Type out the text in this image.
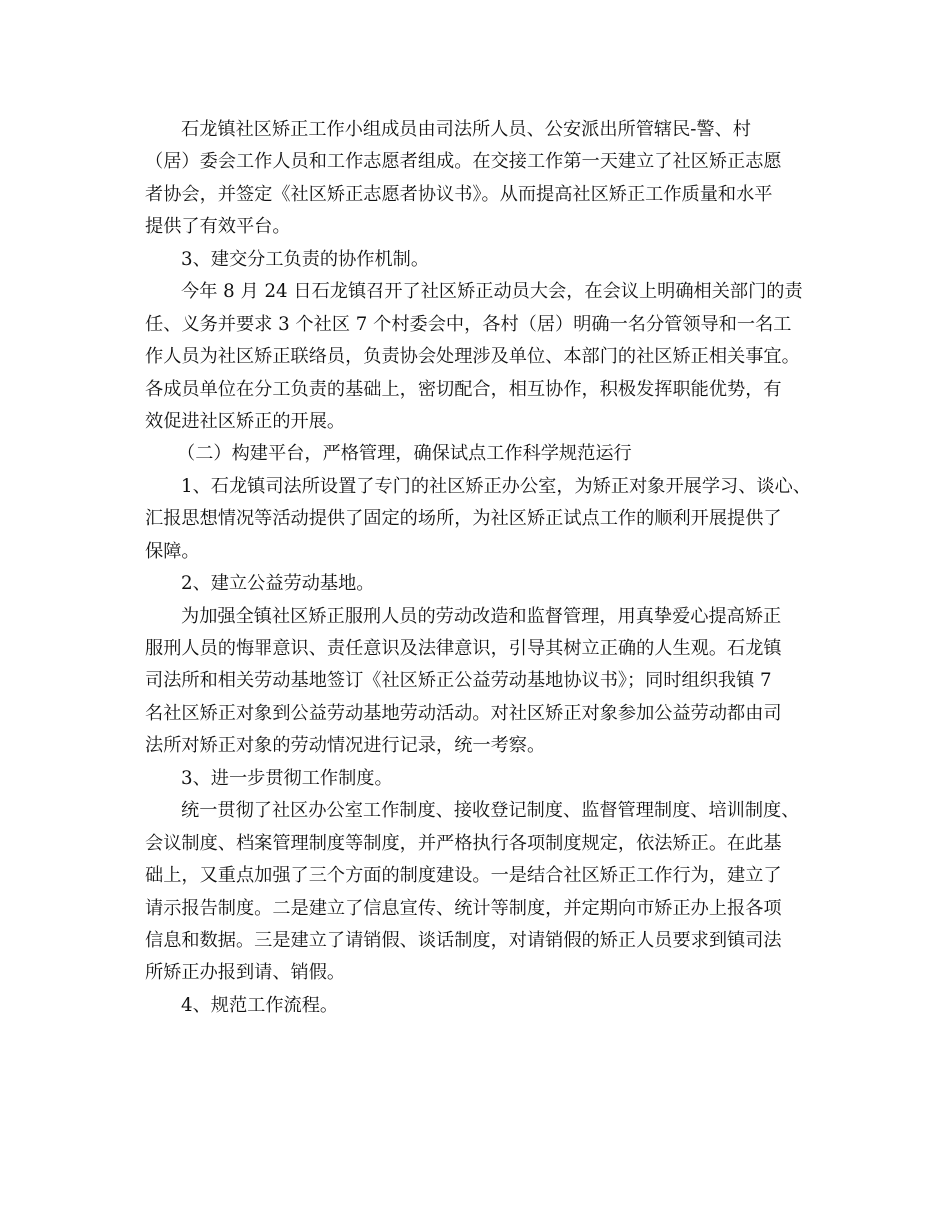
石龙镇社区矫正工作小组成员由司法所人员、公安派出所管辖民-警、村
（居）委会工作人员和工作志愿者组成。在交接工作第一天建立了社区矫正志愿
者协会，并签定《社区矫正志愿者协议书》。从而提高社区矫正工作质量和水平
提供了有效平台。
3、建交分工负责的协作机制。
今年 8 月 24 日石龙镇召开了社区矫正动员大会，在会议上明确相关部门的责
任、义务并要求 3 个社区 7 个村委会中，各村（居）明确一名分管领导和一名工
作人员为社区矫正联络员，负责协会处理涉及单位、本部门的社区矫正相关事宜。
各成员单位在分工负责的基础上，密切配合，相互协作，积极发挥职能优势，有
效促进社区矫正的开展。
（二）构建平台，严格管理，确保试点工作科学规范运行
1、石龙镇司法所设置了专门的社区矫正办公室，为矫正对象开展学习、谈心、
汇报思想情况等活动提供了固定的场所，为社区矫正试点工作的顺利开展提供了
保障。
2、建立公益劳动基地。
为加强全镇社区矫正服刑人员的劳动改造和监督管理，用真挚爱心提高矫正
服刑人员的悔罪意识、责任意识及法律意识，引导其树立正确的人生观。石龙镇
司法所和相关劳动基地签订《社区矫正公益劳动基地协议书》；同时组织我镇 7
名社区矫正对象到公益劳动基地劳动活动。对社区矫正对象参加公益劳动都由司
法所对矫正对象的劳动情况进行记录，统一考察。
3、进一步贯彻工作制度。
统一贯彻了社区办公室工作制度、接收登记制度、监督管理制度、培训制度、
会议制度、档案管理制度等制度，并严格执行各项制度规定，依法矫正。在此基
础上，又重点加强了三个方面的制度建设。一是结合社区矫正工作行为，建立了
请示报告制度。二是建立了信息宣传、统计等制度，并定期向市矫正办上报各项
信息和数据。三是建立了请销假、谈话制度，对请销假的矫正人员要求到镇司法
所矫正办报到请、销假。
4、规范工作流程。
